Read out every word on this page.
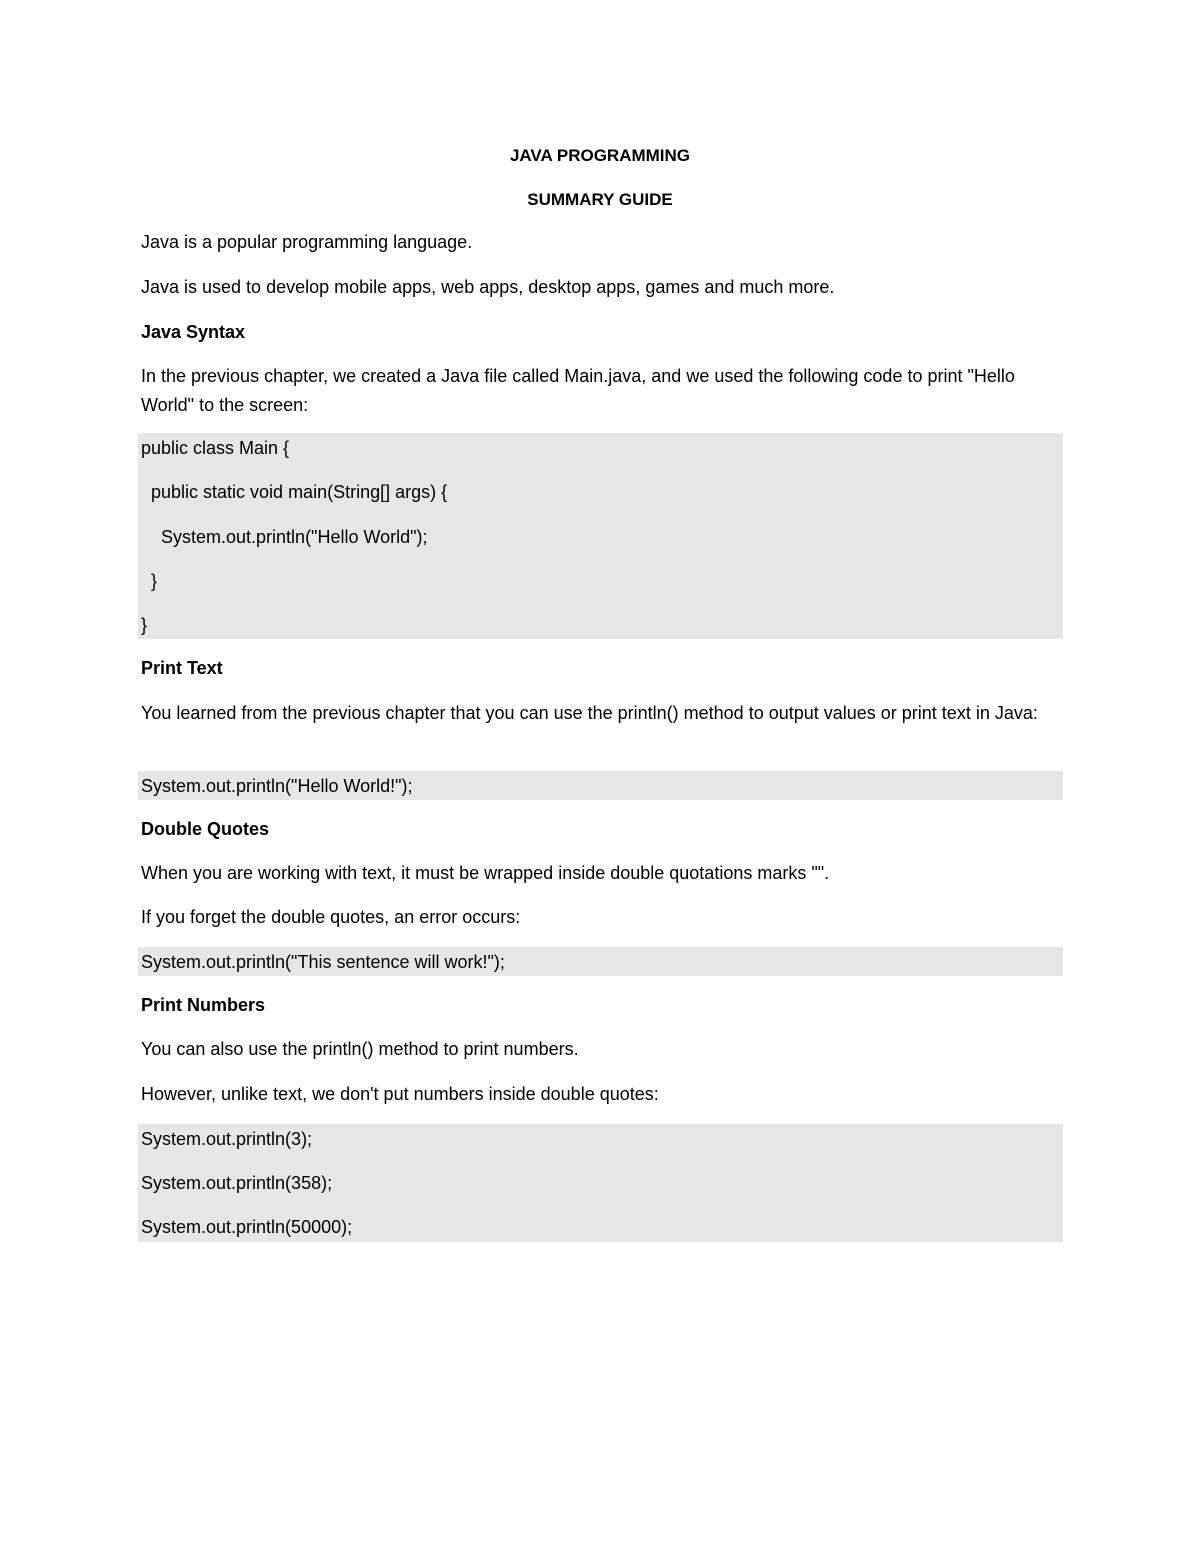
JAVA PROGRAMMING
SUMMARY GUIDE
Java is a popular programming language.
Java is used to develop mobile apps, web apps, desktop apps, games and much more.
Java Syntax
In the previous chapter, we created a Java file called Main.java, and we used the following code to print "Hello World" to the screen:
public class Main {
public static void main(String[] args) {
System.out.println("Hello World");
}
}
Print Text
You learned from the previous chapter that you can use the println() method to output values or print text in Java:
System.out.println("Hello World!");
Double Quotes
When you are working with text, it must be wrapped inside double quotations marks "".
If you forget the double quotes, an error occurs:
System.out.println("This sentence will work!");
Print Numbers
You can also use the println() method to print numbers.
However, unlike text, we don't put numbers inside double quotes:
System.out.println(3);
System.out.println(358);
System.out.println(50000);
